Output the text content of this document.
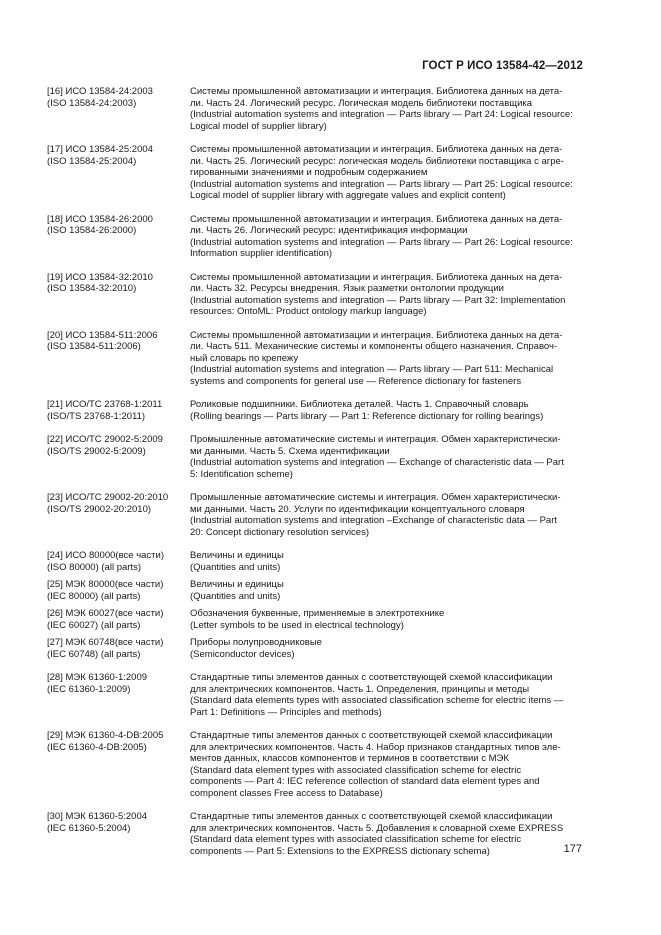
ГОСТ Р ИСО 13584-42—2012
[16] ИСО 13584-24:2003
(ISO 13584-24:2003)
Системы промышленной автоматизации и интеграция. Библиотека данных на дета-
ли. Часть 24. Логический ресурс. Логическая модель библиотеки поставщика
(Industrial automation systems and integration — Parts library — Part 24: Logical resource:
Logical model of supplier library)
[17] ИСО 13584-25:2004
(ISO 13584-25:2004)
Системы промышленной автоматизации и интеграция. Библиотека данных на дета-
ли. Часть 25. Логический ресурс: логическая модель библиотеки поставщика с агре-
гированными значениями и подробным содержанием
(Industrial automation systems and integration — Parts library — Part 25: Logical resource:
Logical model of supplier library with aggregate values and explicit content)
[18] ИСО 13584-26:2000
(ISO 13584-26:2000)
Системы промышленной автоматизации и интеграция. Библиотека данных на дета-
ли. Часть 26. Логический ресурс: идентификация информации
(Industrial automation systems and integration — Parts library — Part 26: Logical resource:
Information supplier identification)
[19] ИСО 13584-32:2010
(ISO 13584-32:2010)
Системы промышленной автоматизации и интеграция. Библиотека данных на дета-
ли. Часть 32. Ресурсы внедрения. Язык разметки онтологии продукции
(Industrial automation systems and integration — Parts library — Part 32: Implementation
resources: OntoML: Product ontology markup language)
[20] ИСО 13584-511:2006
(ISO 13584-511:2006)
Системы промышленной автоматизации и интеграция. Библиотека данных на дета-
ли. Часть 511. Механические системы и компоненты общего назначения. Справоч-
ный словарь по крепежу
(Industrial automation systems and integration — Parts library — Part 511: Mechanical
systems and components for general use — Reference dictionary for fasteners
[21] ИСО/ТС 23768-1:2011
(ISO/TS 23768-1:2011)
Роликовые подшипники. Библиотека деталей. Часть 1. Справочный словарь
(Rolling bearings — Parts library — Part 1: Reference dictionary for rolling bearings)
[22] ИСО/ТС 29002-5:2009
(ISO/TS 29002-5:2009)
Промышленные автоматические системы и интеграция. Обмен характеристически-
ми данными. Часть 5. Схема идентификации
(Industrial automation systems and integration — Exchange of characteristic data — Part
5: Identification scheme)
[23] ИСО/ТС 29002-20:2010
(ISO/TS 29002-20:2010)
Промышленные автоматические системы и интеграция. Обмен характеристически-
ми данными. Часть 20. Услуги по идентификации концептуального словаря
(Industrial automation systems and integration –Exchange of characteristic data — Part
20: Concept dictionary resolution services)
[24] ИСО 80000(все части)
(ISO 80000) (all parts)
Величины и единицы
(Quantities and units)
[25] МЭК 80000(все части)
(IEC 80000) (all parts)
Величины и единицы
(Quantities and units)
[26] МЭК 60027(все части)
(IEC 60027) (all parts)
Обозначения буквенные, применяемые в электротехнике
(Letter symbols to be used in electrical technology)
[27] МЭК 60748(все части)
(IEC 60748) (all parts)
Приборы полупроводниковые
(Semiconductor devices)
[28] МЭК 61360-1:2009
(IEC 61360-1:2009)
Стандартные типы элементов данных с соответствующей схемой классификации
для электрических компонентов. Часть 1. Определения, принципы и методы
(Standard data elements types with associated classification scheme for electric items —
Part 1: Definitions — Principles and methods)
[29] МЭК 61360-4-DB:2005
(IEC 61360-4-DB:2005)
Стандартные типы элементов данных с соответствующей схемой классификации
для электрических компонентов. Часть 4. Набор признаков стандартных типов эле-
ментов данных, классов компонентов и терминов в соответствии с МЭК
(Standard data element types with associated classification scheme for electric
components — Part 4: IEC reference collection of standard data element types and
component classes Free access to Database)
[30] МЭК 61360-5:2004
(IEC 61360-5:2004)
Стандартные типы элементов данных с соответствующей схемой классификации
для электрических компонентов. Часть 5. Добавления к словарной схеме EXPRESS
(Standard data element types with associated classification scheme for electric
components — Part 5: Extensions to the EXPRESS dictionary schema)	177
